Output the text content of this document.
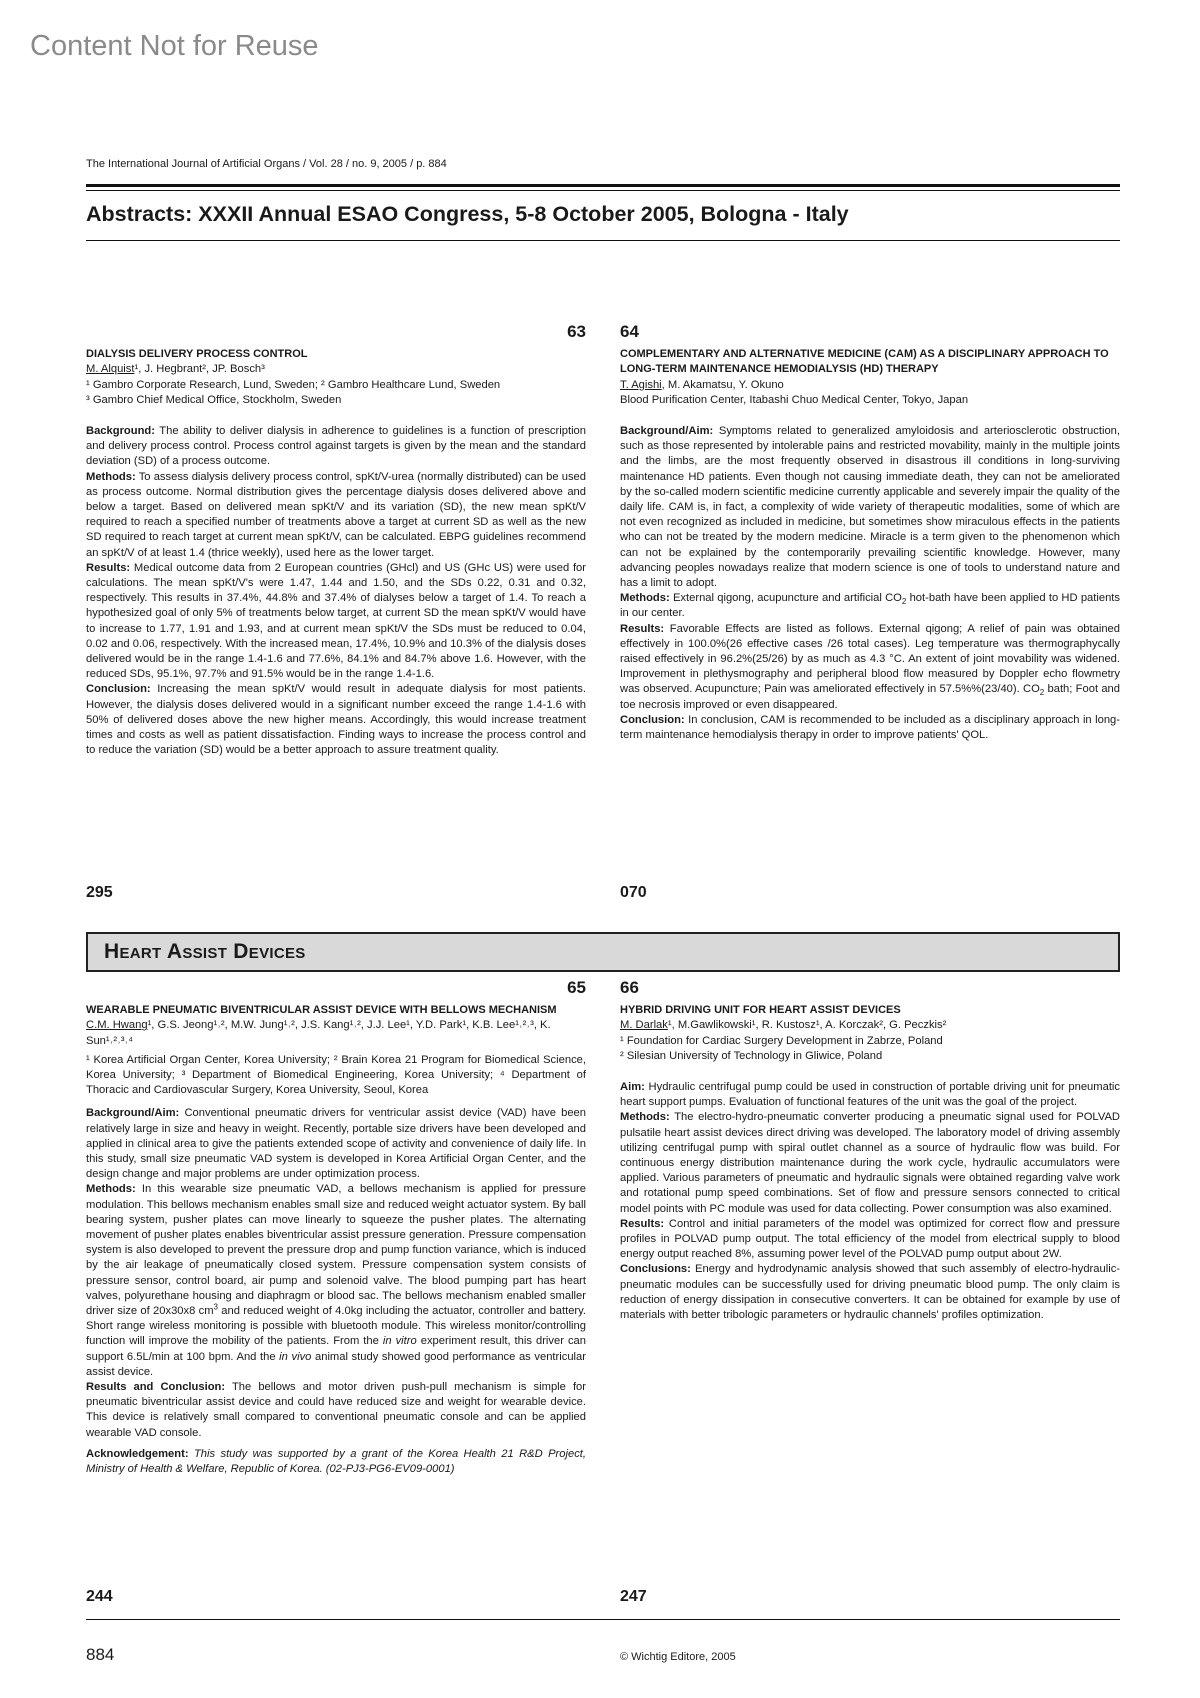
Content Not for Reuse
The International Journal of Artificial Organs / Vol. 28 / no. 9, 2005 / p. 884
Abstracts: XXXII Annual ESAO Congress, 5-8 October 2005, Bologna - Italy
63
DIALYSIS DELIVERY PROCESS CONTROL
M. Alquist¹, J. Hegbrant², JP. Bosch³
¹ Gambro Corporate Research, Lund, Sweden; ² Gambro Healthcare Lund, Sweden
³ Gambro Chief Medical Office, Stockholm, Sweden

Background: The ability to deliver dialysis in adherence to guidelines is a function of prescription and delivery process control. Process control against targets is given by the mean and the standard deviation (SD) of a process outcome.

Methods: To assess dialysis delivery process control, spKt/V-urea (normally distributed) can be used as process outcome. Normal distribution gives the percentage dialysis doses delivered above and below a target. Based on delivered mean spKt/V and its variation (SD), the new mean spKt/V required to reach a specified number of treatments above a target at current SD as well as the new SD required to reach target at current mean spKt/V, can be calculated. EBPG guidelines recommend an spKt/V of at least 1.4 (thrice weekly), used here as the lower target.

Results: Medical outcome data from 2 European countries (GHcl) and US (GHc US) were used for calculations. The mean spKt/V's were 1.47, 1.44 and 1.50, and the SDs 0.22, 0.31 and 0.32, respectively. This results in 37.4%, 44.8% and 37.4% of dialyses below a target of 1.4. To reach a hypothesized goal of only 5% of treatments below target, at current SD the mean spKt/V would have to increase to 1.77, 1.91 and 1.93, and at current mean spKt/V the SDs must be reduced to 0.04, 0.02 and 0.06, respectively. With the increased mean, 17.4%, 10.9% and 10.3% of the dialysis doses delivered would be in the range 1.4-1.6 and 77.6%, 84.1% and 84.7% above 1.6. However, with the reduced SDs, 95.1%, 97.7% and 91.5% would be in the range 1.4-1.6.

Conclusion: Increasing the mean spKt/V would result in adequate dialysis for most patients. However, the dialysis doses delivered would in a significant number exceed the range 1.4-1.6 with 50% of delivered doses above the new higher means. Accordingly, this would increase treatment times and costs as well as patient dissatisfaction. Finding ways to increase the process control and to reduce the variation (SD) would be a better approach to assure treatment quality.

295
64
COMPLEMENTARY AND ALTERNATIVE MEDICINE (CAM) AS A DISCIPLINARY APPROACH TO LONG-TERM MAINTENANCE HEMODIALYSIS (HD) THERAPY
T. Agishi, M. Akamatsu, Y. Okuno
Blood Purification Center, Itabashi Chuo Medical Center, Tokyo, Japan

Background/Aim: Symptoms related to generalized amyloidosis and arteriosclerotic obstruction, such as those represented by intolerable pains and restricted movability, mainly in the multiple joints and the limbs, are the most frequently observed in disastrous ill conditions in long-surviving maintenance HD patients. Even though not causing immediate death, they can not be ameliorated by the so-called modern scientific medicine currently applicable and severely impair the quality of the daily life. CAM is, in fact, a complexity of wide variety of therapeutic modalities, some of which are not even recognized as included in medicine, but sometimes show miraculous effects in the patients who can not be treated by the modern medicine. Miracle is a term given to the phenomenon which can not be explained by the contemporarily prevailing scientific knowledge. However, many advancing peoples nowadays realize that modern science is one of tools to understand nature and has a limit to adopt.

Methods: External qigong, acupuncture and artificial $CO_2$ hot-bath have been applied to HD patients in our center.

Results: Favorable Effects are listed as follows. External qigong; A relief of pain was obtained effectively in 100.0%(26 effective cases /26 total cases). Leg temperature was thermographycally raised effectively in 96.2%(25/26) by as much as 4.3 °C. An extent of joint movability was widened. Improvement in plethysmography and peripheral blood flow measured by Doppler echo flowmetry was observed. Acupuncture; Pain was ameliorated effectively in 57.5%%(23/40). $CO_2$ bath; Foot and toe necrosis improved or even disappeared.

Conclusion: In conclusion, CAM is recommended to be included as a disciplinary approach in long-term maintenance hemodialysis therapy in order to improve patients' QOL.

070
Heart Assist Devices
65
WEARABLE PNEUMATIC BIVENTRICULAR ASSIST DEVICE WITH BELLOWS MECHANISM
C.M. Hwang¹, G.S. Jeong¹˒², M.W. Jung¹˒², J.S. Kang¹˒², J.J. Lee¹, Y.D. Park¹, K.B. Lee¹˒²˒³, K. Sun¹˒²˒³˒⁴
¹ Korea Artificial Organ Center, Korea University; ² Brain Korea 21 Program for Biomedical Science, Korea University; ³ Department of Biomedical Engineering, Korea University; ⁴ Department of Thoracic and Cardiovascular Surgery, Korea University, Seoul, Korea

Background/Aim: Conventional pneumatic drivers for ventricular assist device (VAD) have been relatively large in size and heavy in weight. Recently, portable size drivers have been developed and applied in clinical area to give the patients extended scope of activity and convenience of daily life. In this study, small size pneumatic VAD system is developed in Korea Artificial Organ Center, and the design change and major problems are under optimization process.

Methods: In this wearable size pneumatic VAD, a bellows mechanism is applied for pressure modulation. This bellows mechanism enables small size and reduced weight actuator system. By ball bearing system, pusher plates can move linearly to squeeze the pusher plates. The alternating movement of pusher plates enables biventricular assist pressure generation. Pressure compensation system is also developed to prevent the pressure drop and pump function variance, which is induced by the air leakage of pneumatically closed system. Pressure compensation system consists of pressure sensor, control board, air pump and solenoid valve. The blood pumping part has heart valves, polyurethane housing and diaphragm or blood sac. The bellows mechanism enabled smaller driver size of 20x30x8 $cm^3$ and reduced weight of 4.0kg including the actuator, controller and battery. Short range wireless monitoring is possible with bluetooth module. This wireless monitor/controlling function will improve the mobility of the patients. From the in vitro experiment result, this driver can support 6.5L/min at 100 bpm. And the in vivo animal study showed good performance as ventricular assist device.

Results and Conclusion: The bellows and motor driven push-pull mechanism is simple for pneumatic biventricular assist device and could have reduced size and weight for wearable device. This device is relatively small compared to conventional pneumatic console and can be applied wearable VAD console.

Acknowledgement: This study was supported by a grant of the Korea Health 21 R&D Project, Ministry of Health & Welfare, Republic of Korea. (02-PJ3-PG6-EV09-0001)

244
66
HYBRID DRIVING UNIT FOR HEART ASSIST DEVICES
M. Darlak¹, M.Gawlikowski¹, R. Kustosz¹, A. Korczak², G. Peczkis²
¹ Foundation for Cardiac Surgery Development in Zabrze, Poland
² Silesian University of Technology in Gliwice, Poland

Aim: Hydraulic centrifugal pump could be used in construction of portable driving unit for pneumatic heart support pumps. Evaluation of functional features of the unit was the goal of the project.

Methods: The electro-hydro-pneumatic converter producing a pneumatic signal used for POLVAD pulsatile heart assist devices direct driving was developed. The laboratory model of driving assembly utilizing centrifugal pump with spiral outlet channel as a source of hydraulic flow was build. For continuous energy distribution maintenance during the work cycle, hydraulic accumulators were applied. Various parameters of pneumatic and hydraulic signals were obtained regarding valve work and rotational pump speed combinations. Set of flow and pressure sensors connected to critical model points with PC module was used for data collecting. Power consumption was also examined.

Results: Control and initial parameters of the model was optimized for correct flow and pressure profiles in POLVAD pump output. The total efficiency of the model from electrical supply to blood energy output reached 8%, assuming power level of the POLVAD pump output about 2W.

Conclusions: Energy and hydrodynamic analysis showed that such assembly of electro-hydraulic-pneumatic modules can be successfully used for driving pneumatic blood pump. The only claim is reduction of energy dissipation in consecutive converters. It can be obtained for example by use of materials with better tribologic parameters or hydraulic channels' profiles optimization.

247
884	© Wichtig Editore, 2005
